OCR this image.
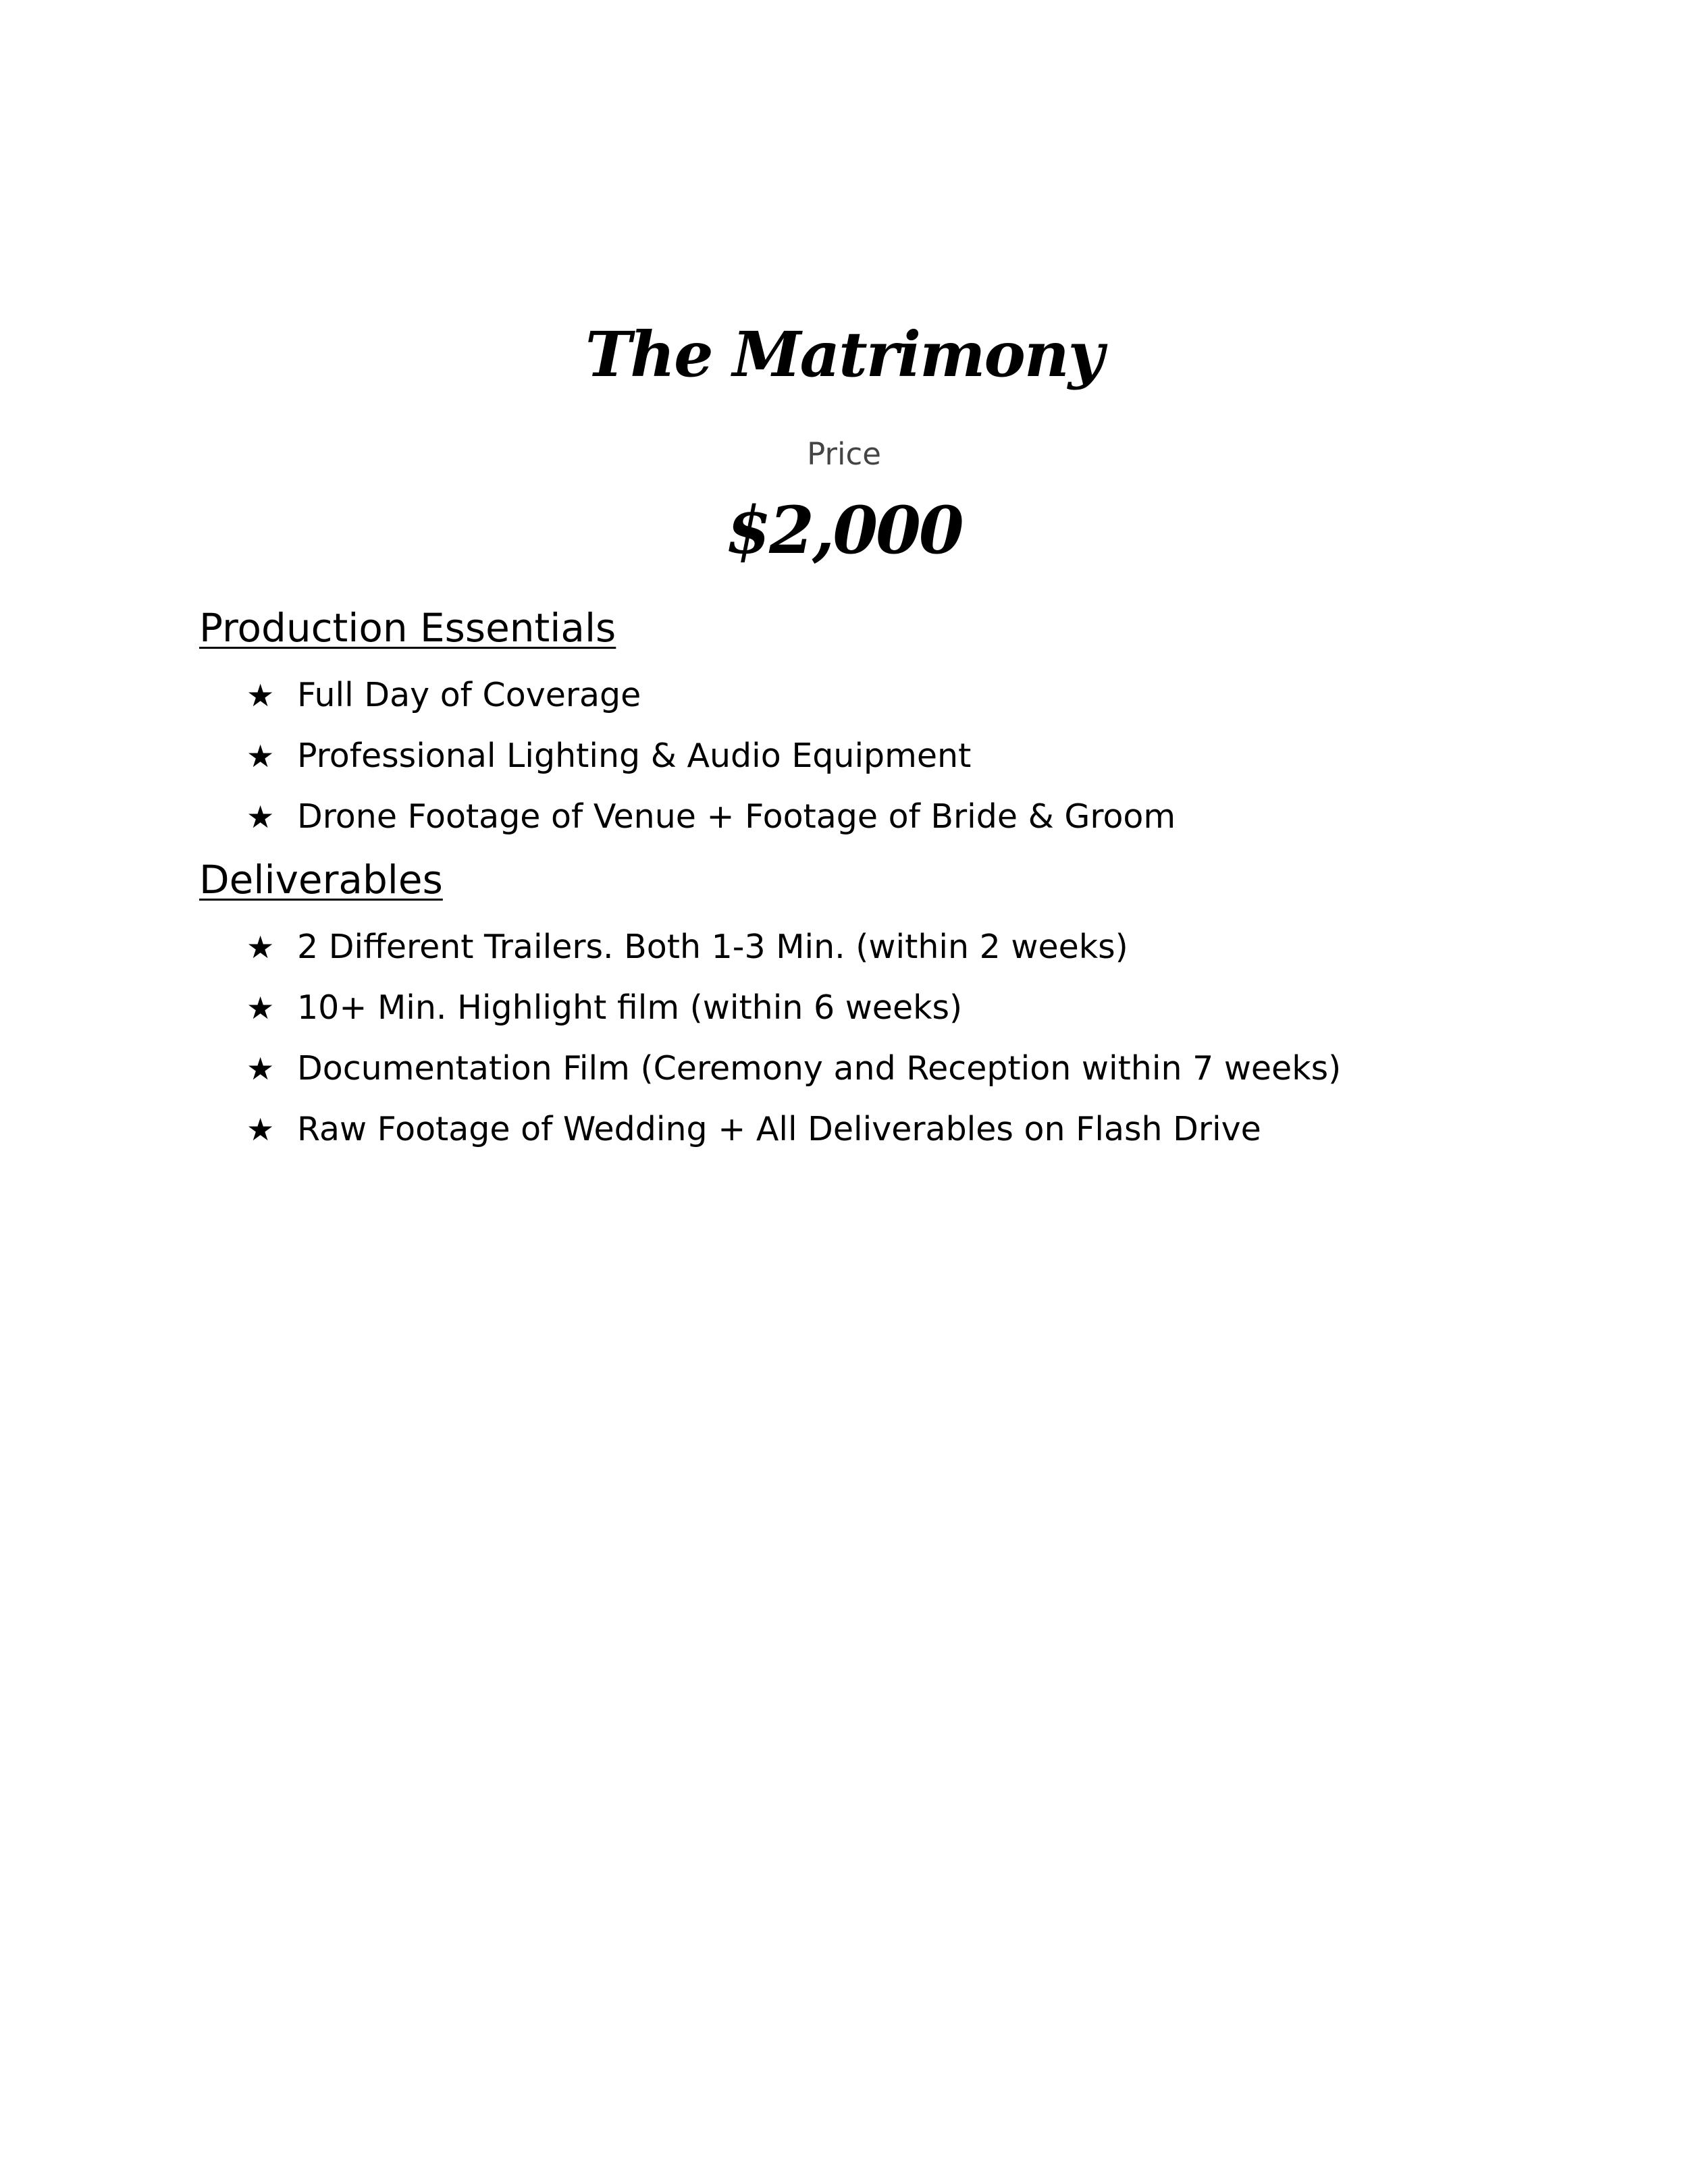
The Matrimony
Price
$2,000
Production Essentials
★ Full Day of Coverage
★ Professional Lighting & Audio Equipment
★ Drone Footage of Venue + Footage of Bride & Groom
Deliverables
★ 2 Different Trailers. Both 1-3 Min. (within 2 weeks)
★ 10+ Min. Highlight film (within 6 weeks)
★ Documentation Film (Ceremony and Reception within 7 weeks)
★ Raw Footage of Wedding + All Deliverables on Flash Drive
